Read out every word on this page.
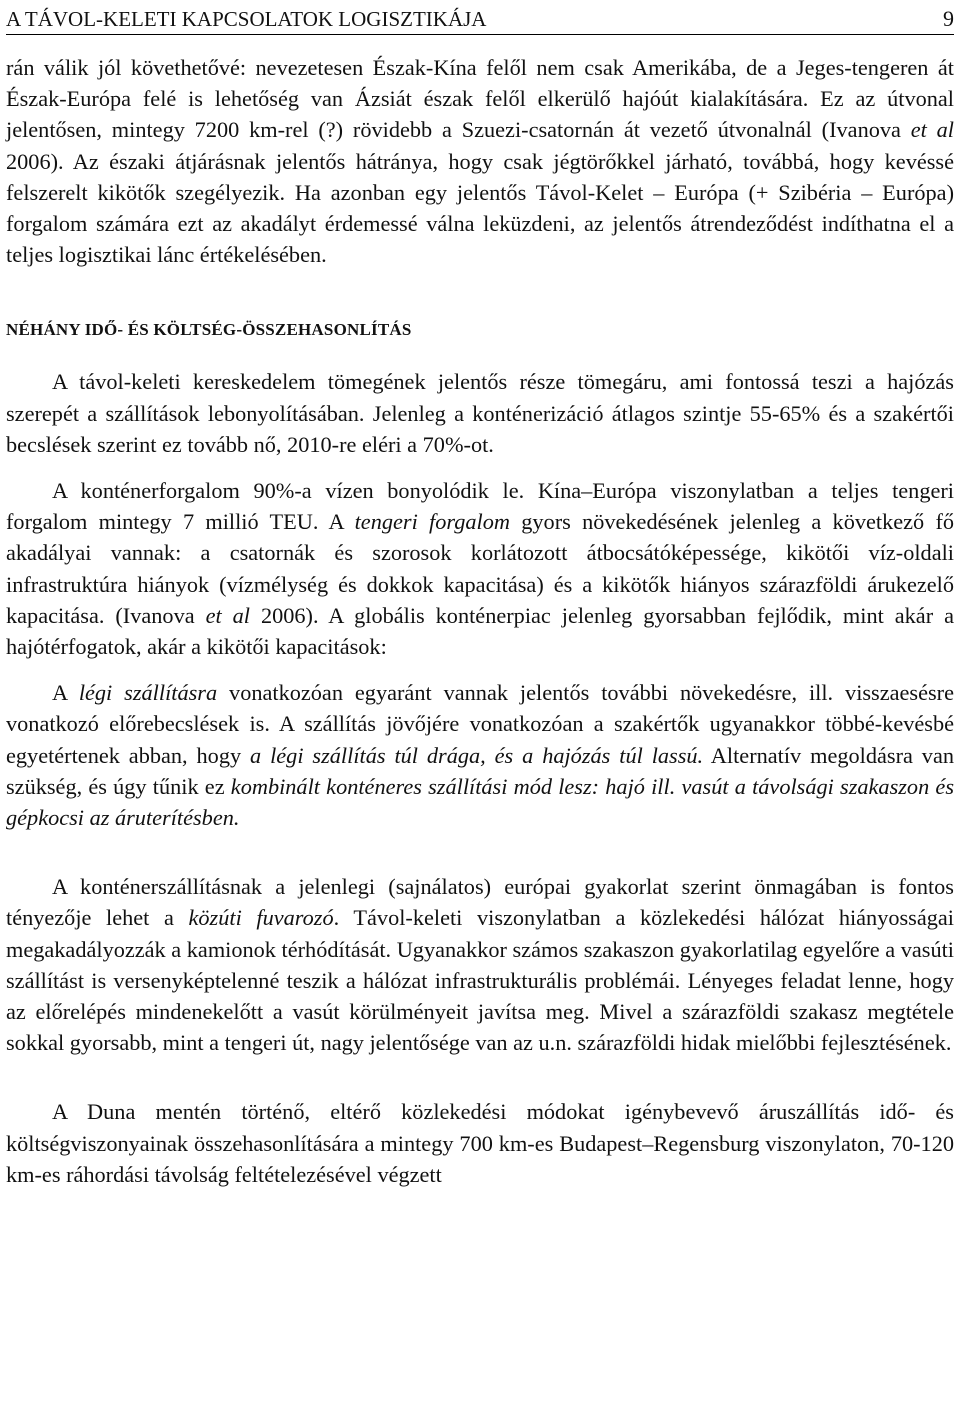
A TÁVOL-KELETI KAPCSOLATOK LOGISZTIKÁJA	9

rán válik jól követhetővé: nevezetesen Észak-Kína felől nem csak Amerikába, de a Jeges-tengeren át Észak-Európa felé is lehetőség van Ázsiát észak felől elkerülő hajóút kialakítására. Ez az útvonal jelentősen, mintegy 7200 km-rel (?) rövidebb a Szuezi-csatornán át vezető útvonalnál (Ivanova et al 2006). Az északi átjárásnak jelentős hátránya, hogy csak jégtörőkkel járható, továbbá, hogy kevéssé felszerelt kikötők szegélyezik. Ha azonban egy jelentős Távol-Kelet – Európa (+ Szibéria – Európa) forgalom számára ezt az akadályt érdemessé válna leküzdeni, az jelentős átrendeződést indíthatna el a teljes logisztikai lánc értékelésében.

NÉHÁNY IDŐ- ÉS KÖLTSÉG-ÖSSZEHASONLÍTÁS

A távol-keleti kereskedelem tömegének jelentős része tömegáru, ami fontossá teszi a hajózás szerepét a szállítások lebonyolításában. Jelenleg a konténerizáció átlagos szintje 55-65% és a szakértői becslések szerint ez tovább nő, 2010-re eléri a 70%-ot.

A konténerforgalom 90%-a vízen bonyolódik le. Kína–Európa viszonylatban a teljes tengeri forgalom mintegy 7 millió TEU. A tengeri forgalom gyors növekedésének jelenleg a következő fő akadályai vannak: a csatornák és szorosok korlátozott átbocsátóképessége, kikötői víz-oldali infrastruktúra hiányok (vízmélység és dokkok kapacitása) és a kikötők hiányos szárazföldi árukezelő kapacitása. (Ivanova et al 2006). A globális konténerpiac jelenleg gyorsabban fejlődik, mint akár a hajótérfogatok, akár a kikötői kapacitások:

A légi szállításra vonatkozóan egyaránt vannak jelentős további növekedésre, ill. visszaesésre vonatkozó előrebecslések is. A szállítás jövőjére vonatkozóan a szakértők ugyanakkor többé-kevésbé egyetértenek abban, hogy a légi szállítás túl drága, és a hajózás túl lassú. Alternatív megoldásra van szükség, és úgy tűnik ez kombinált konténeres szállítási mód lesz: hajó ill. vasút a távolsági szakaszon és gépkocsi az áruterítésben.

A konténerszállításnak a jelenlegi (sajnálatos) európai gyakorlat szerint önmagában is fontos tényezője lehet a közúti fuvarozó. Távol-keleti viszonylatban a közlekedési hálózat hiányosságai megakadályozzák a kamionok térhódítását. Ugyanakkor számos szakaszon gyakorlatilag egyelőre a vasúti szállítást is versenyképtelenné teszik a hálózat infrastrukturális problémái. Lényeges feladat lenne, hogy az előrelépés mindenekelőtt a vasút körülményeit javítsa meg. Mivel a szárazföldi szakasz megtétele sokkal gyorsabb, mint a tengeri út, nagy jelentősége van az u.n. szárazföldi hidak mielőbbi fejlesztésének.

A Duna mentén történő, eltérő közlekedési módokat igénybevevő áruszállítás idő- és költségviszonyainak összehasonlítására a mintegy 700 km-es Budapest–Regensburg viszonylaton, 70-120 km-es ráhordási távolság feltételezésével végzett
